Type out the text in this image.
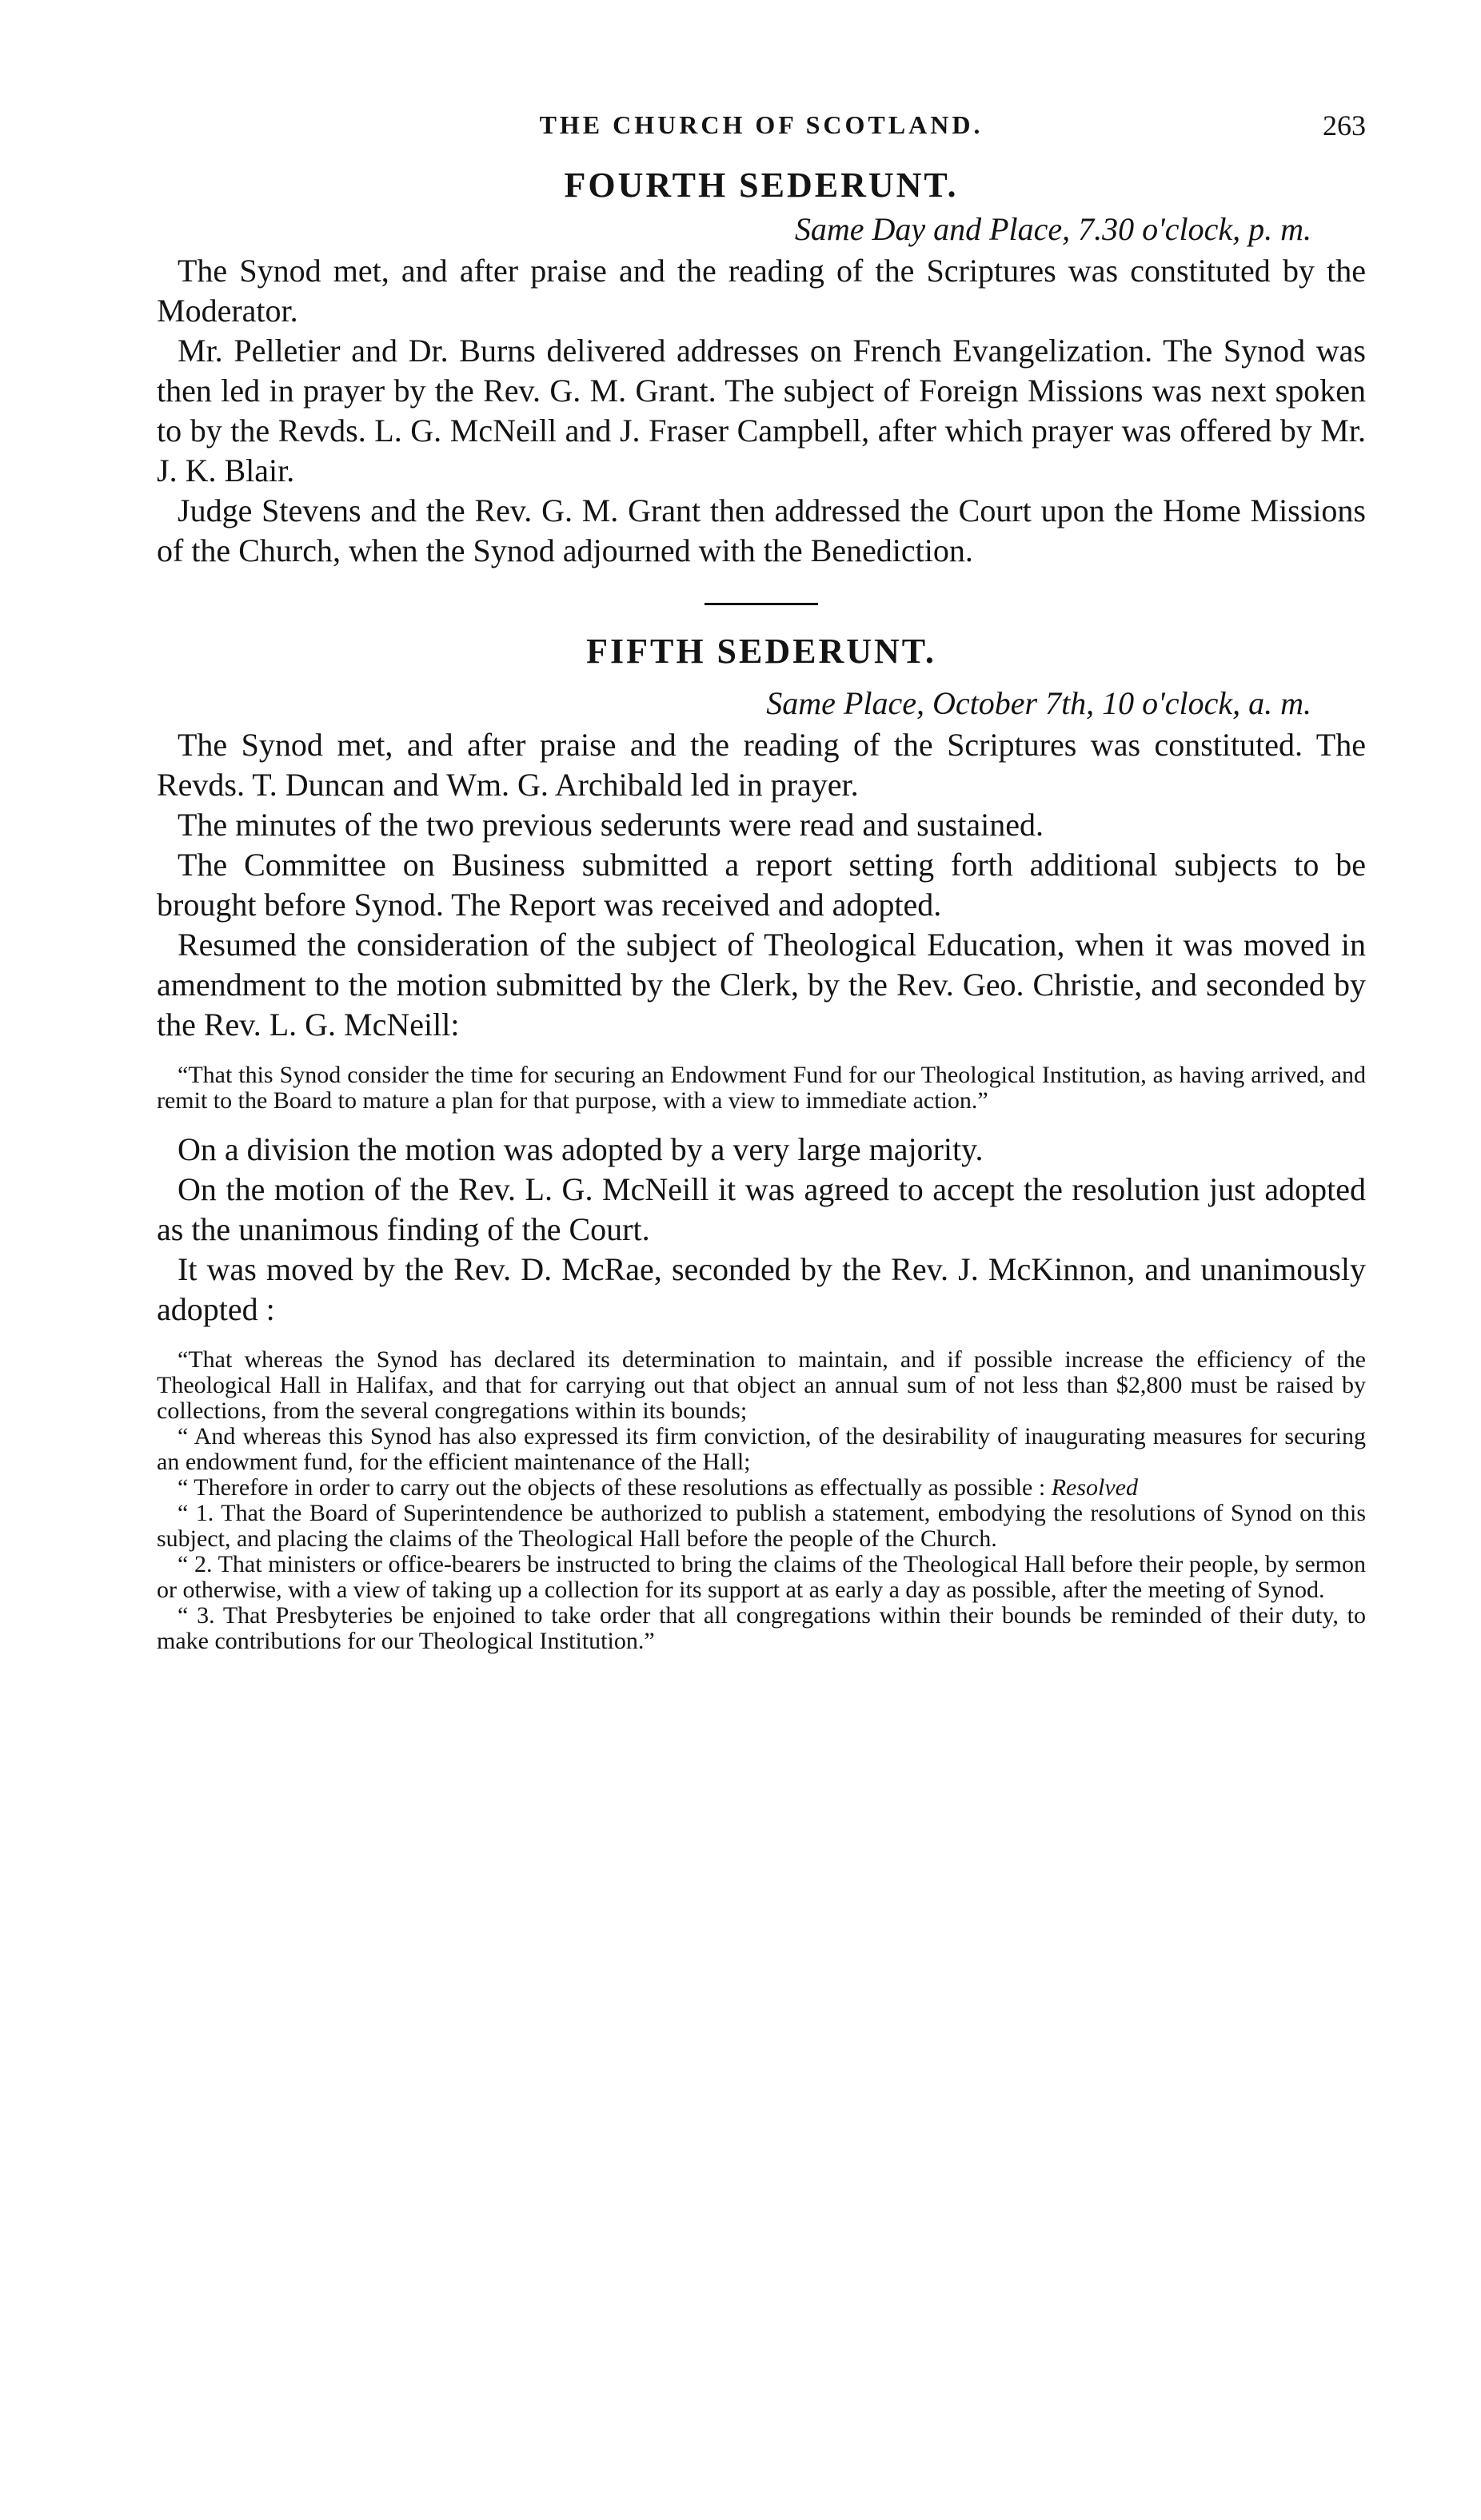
THE CHURCH OF SCOTLAND.	263
FOURTH SEDERUNT.

Same Day and Place, 7.30 o'clock, p. m.

The Synod met, and after praise and the reading of the Scriptures was constituted by the Moderator.

Mr. Pelletier and Dr. Burns delivered addresses on French Evangelization. The Synod was then led in prayer by the Rev. G. M. Grant. The subject of Foreign Missions was next spoken to by the Revds. L. G. McNeill and J. Fraser Campbell, after which prayer was offered by Mr. J. K. Blair.

Judge Stevens and the Rev. G. M. Grant then addressed the Court upon the Home Missions of the Church, when the Synod adjourned with the Benediction.

FIFTH SEDERUNT.

Same Place, October 7th, 10 o'clock, a. m.

The Synod met, and after praise and the reading of the Scriptures was constituted. The Revds. T. Duncan and Wm. G. Archibald led in prayer.

The minutes of the two previous sederunts were read and sustained.

The Committee on Business submitted a report setting forth additional subjects to be brought before Synod. The Report was received and adopted.

Resumed the consideration of the subject of Theological Education, when it was moved in amendment to the motion submitted by the Clerk, by the Rev. Geo. Christie, and seconded by the Rev. L. G. McNeill:

“That this Synod consider the time for securing an Endowment Fund for our Theological Institution, as having arrived, and remit to the Board to mature a plan for that purpose, with a view to immediate action.”

On a division the motion was adopted by a very large majority.

On the motion of the Rev. L. G. McNeill it was agreed to accept the resolution just adopted as the unanimous finding of the Court.

It was moved by the Rev. D. McRae, seconded by the Rev. J. McKinnon, and unanimously adopted :

“That whereas the Synod has declared its determination to maintain, and if possible increase the efficiency of the Theological Hall in Halifax, and that for carrying out that object an annual sum of not less than $2,800 must be raised by collections, from the several congregations within its bounds;

“ And whereas this Synod has also expressed its firm conviction, of the desirability of inaugurating measures for securing an endowment fund, for the efficient maintenance of the Hall;

“ Therefore in order to carry out the objects of these resolutions as effectually as possible : Resolved

“ 1. That the Board of Superintendence be authorized to publish a statement, embodying the resolutions of Synod on this subject, and placing the claims of the Theological Hall before the people of the Church.

“ 2. That ministers or office-bearers be instructed to bring the claims of the Theological Hall before their people, by sermon or otherwise, with a view of taking up a collection for its support at as early a day as possible, after the meeting of Synod.

“ 3. That Presbyteries be enjoined to take order that all congregations within their bounds be reminded of their duty, to make contributions for our Theological Institution.”
